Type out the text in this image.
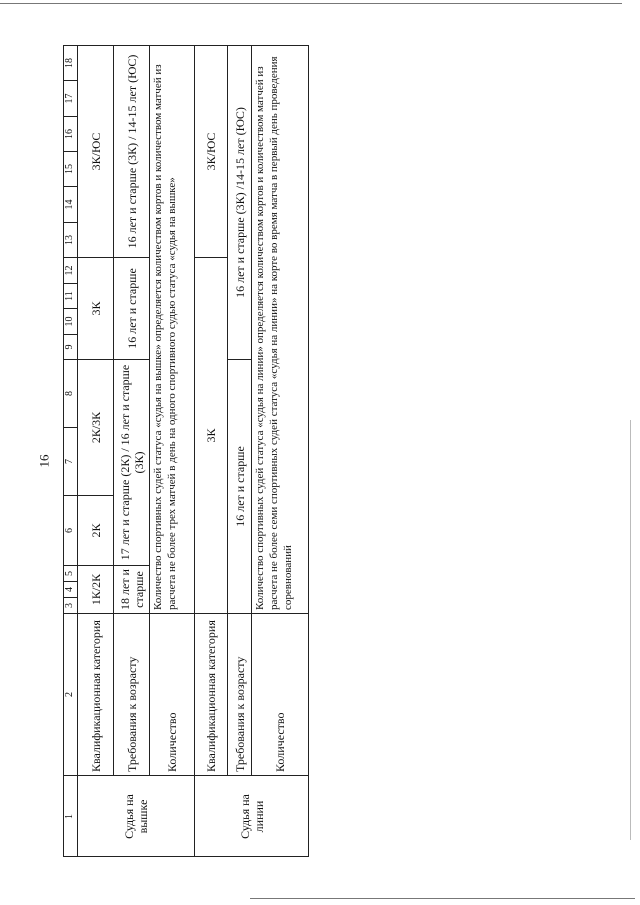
16
1
2
3
4
5
6
7
8
9
10
11
12
13
14
15
16
17
18
Судья на вышке
Квалификационная категория
1К/2К
2К
2К/3К
3К
3К/ЮС
Требования к возрасту
18 лет и старше
17 лет и старше (2К) / 16 лет и старше (3К)
16 лет и старше
16 лет и старше (3К) / 14-15 лет (ЮС)
Количество
Количество спортивных судей статуса «судья на вышке» определяется количеством кортов и количеством матчей из расчета не более трех матчей в день на одного спортивного судью статуса «судья на вышке»
Судья на линии
Квалификационная категория
3К
3К/ЮС
Требования к возрасту
16 лет и старше
16 лет и старше (3К) /14-15 лет (ЮС)
Количество
Количество спортивных судей статуса «судья на линии» определяется количеством кортов и количеством матчей из расчета не более семи спортивных судей статуса «судья на линии» на корте во время матча в первый день проведения соревнований
